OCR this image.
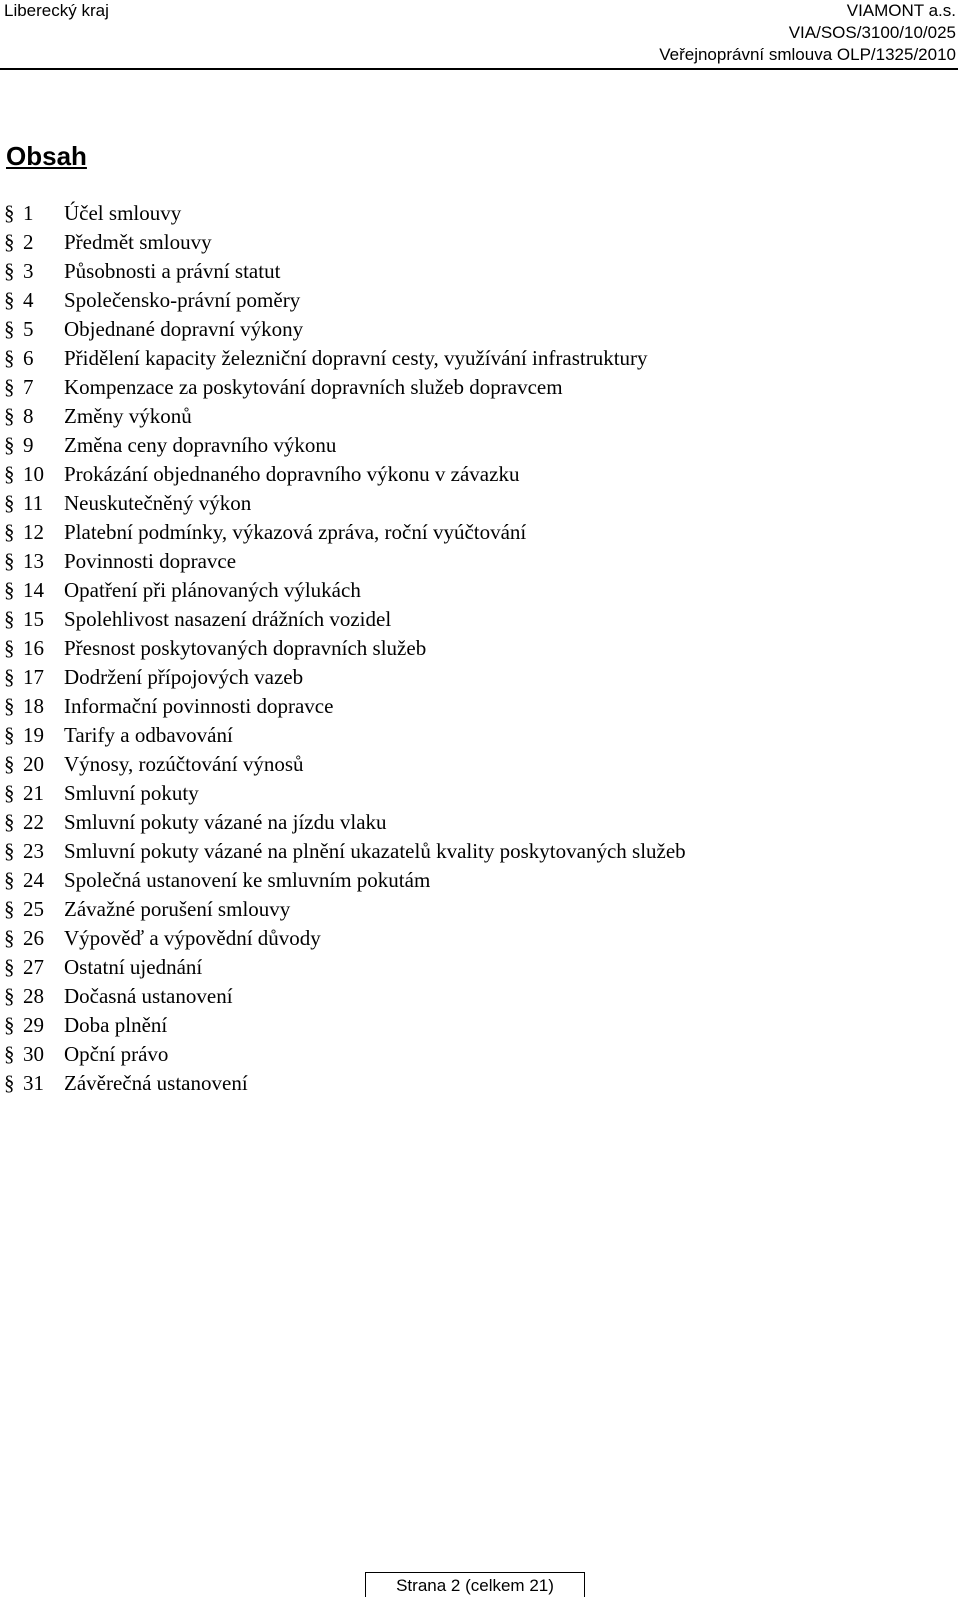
Liberecký kraj	VIAMONT a.s.
VIA/SOS/3100/10/025
Veřejnoprávní smlouva OLP/1325/2010
Obsah
§ 1	Účel smlouvy
§ 2	Předmět smlouvy
§ 3	Působnosti a právní statut
§ 4	Společensko-právní poměry
§ 5	Objednané dopravní výkony
§ 6	Přidělení kapacity železniční dopravní cesty, využívání infrastruktury
§ 7	Kompenzace za poskytování dopravních služeb dopravcem
§ 8	Změny výkonů
§ 9	Změna ceny dopravního výkonu
§ 10 Prokázání objednaného dopravního výkonu v závazku
§ 11 Neuskutečněný výkon
§ 12 Platební podmínky, výkazová zpráva, roční vyúčtování
§ 13 Povinnosti dopravce
§ 14 Opatření při plánovaných výlukách
§ 15 Spolehlivost nasazení drážních vozidel
§ 16 Přesnost poskytovaných dopravních služeb
§ 17 Dodržení přípojových vazeb
§ 18 Informační povinnosti dopravce
§ 19 Tarify a odbavování
§ 20 Výnosy, rozúčtování výnosů
§ 21 Smluvní pokuty
§ 22 Smluvní pokuty vázané na jízdu vlaku
§ 23 Smluvní pokuty vázané na plnění ukazatelů kvality poskytovaných služeb
§ 24 Společná ustanovení ke smluvním pokutám
§ 25 Závažné porušení smlouvy
§ 26 Výpověď a výpovědní důvody
§ 27 Ostatní ujednání
§ 28 Dočasná ustanovení
§ 29 Doba plnění
§ 30 Opční právo
§ 31 Závěrečná ustanovení
Strana 2 (celkem 21)
